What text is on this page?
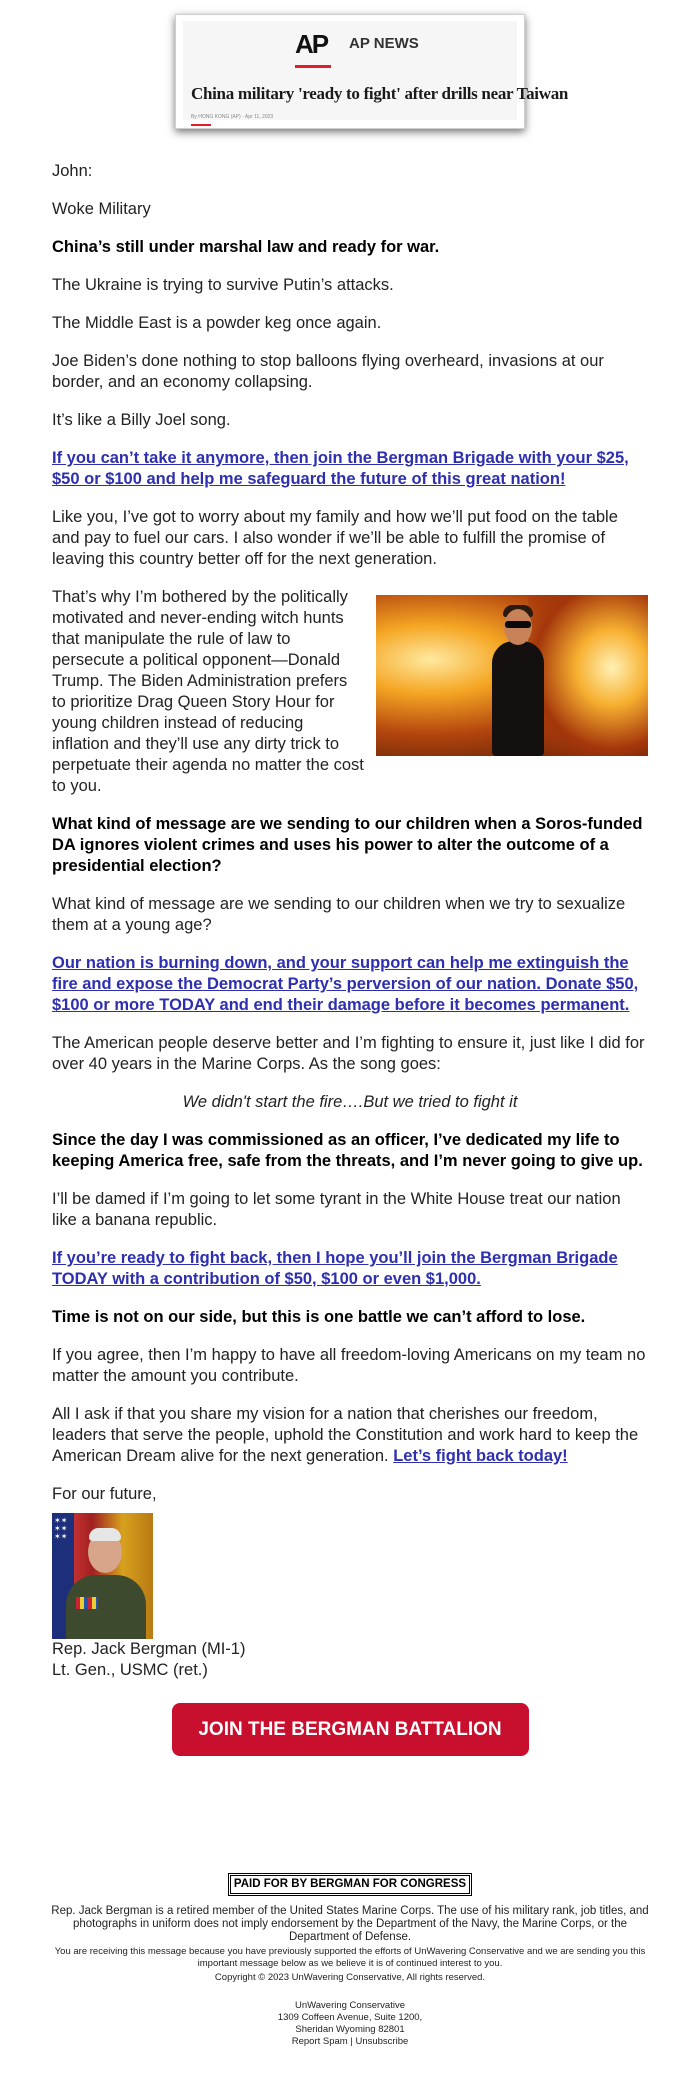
AP AP NEWS
China military 'ready to fight' after drills near Taiwan
By HONG KONG (AP) · Apr 11, 2023

John:

Woke Military

China’s still under marshal law and ready for war.

The Ukraine is trying to survive Putin’s attacks.

The Middle East is a powder keg once again.

Joe Biden’s done nothing to stop balloons flying overheard, invasions at our border, and an economy collapsing.

It’s like a Billy Joel song.

If you can’t take it anymore, then join the Bergman Brigade with your $25, $50 or $100 and help me safeguard the future of this great nation!

Like you, I’ve got to worry about my family and how we’ll put food on the table and pay to fuel our cars. I also wonder if we’ll be able to fulfill the promise of leaving this country better off for the next generation.

That’s why I’m bothered by the politically motivated and never-ending witch hunts that manipulate the rule of law to persecute a political opponent—Donald Trump. The Biden Administration prefers to prioritize Drag Queen Story Hour for young children instead of reducing inflation and they’ll use any dirty trick to perpetuate their agenda no matter the cost to you.

What kind of message are we sending to our children when a Soros-funded DA ignores violent crimes and uses his power to alter the outcome of a presidential election?

What kind of message are we sending to our children when we try to sexualize them at a young age?

Our nation is burning down, and your support can help me extinguish the fire and expose the Democrat Party’s perversion of our nation. Donate $50, $100 or more TODAY and end their damage before it becomes permanent.

The American people deserve better and I’m fighting to ensure it, just like I did for over 40 years in the Marine Corps. As the song goes:

We didn't start the fire….But we tried to fight it

Since the day I was commissioned as an officer, I’ve dedicated my life to keeping America free, safe from the threats, and I’m never going to give up.

I’ll be damed if I’m going to let some tyrant in the White House treat our nation like a banana republic.

If you’re ready to fight back, then I hope you’ll join the Bergman Brigade TODAY with a contribution of $50, $100 or even $1,000.

Time is not on our side, but this is one battle we can’t afford to lose.

If you agree, then I’m happy to have all freedom-loving Americans on my team no matter the amount you contribute.

All I ask if that you share my vision for a nation that cherishes our freedom, leaders that serve the people, uphold the Constitution and work hard to keep the American Dream alive for the next generation. Let’s fight back today!

For our future,

✶✶
✶✶
✶✶

Rep. Jack Bergman (MI-1)
Lt. Gen., USMC (ret.)

JOIN THE BERGMAN BATTALION
PAID FOR BY BERGMAN FOR CONGRESS

Rep. Jack Bergman is a retired member of the United States Marine Corps. The use of his military rank, job titles, and photographs in uniform does not imply endorsement by the Department of the Navy, the Marine Corps, or the Department of Defense.

You are receiving this message because you have previously supported the efforts of UnWavering Conservative and we are sending you this important message below as we believe it is of continued interest to you.

Copyright © 2023 UnWavering Conservative, All rights reserved.

UnWavering Conservative
1309 Coffeen Avenue, Suite 1200,
Sheridan Wyoming 82801
Report Spam | Unsubscribe
